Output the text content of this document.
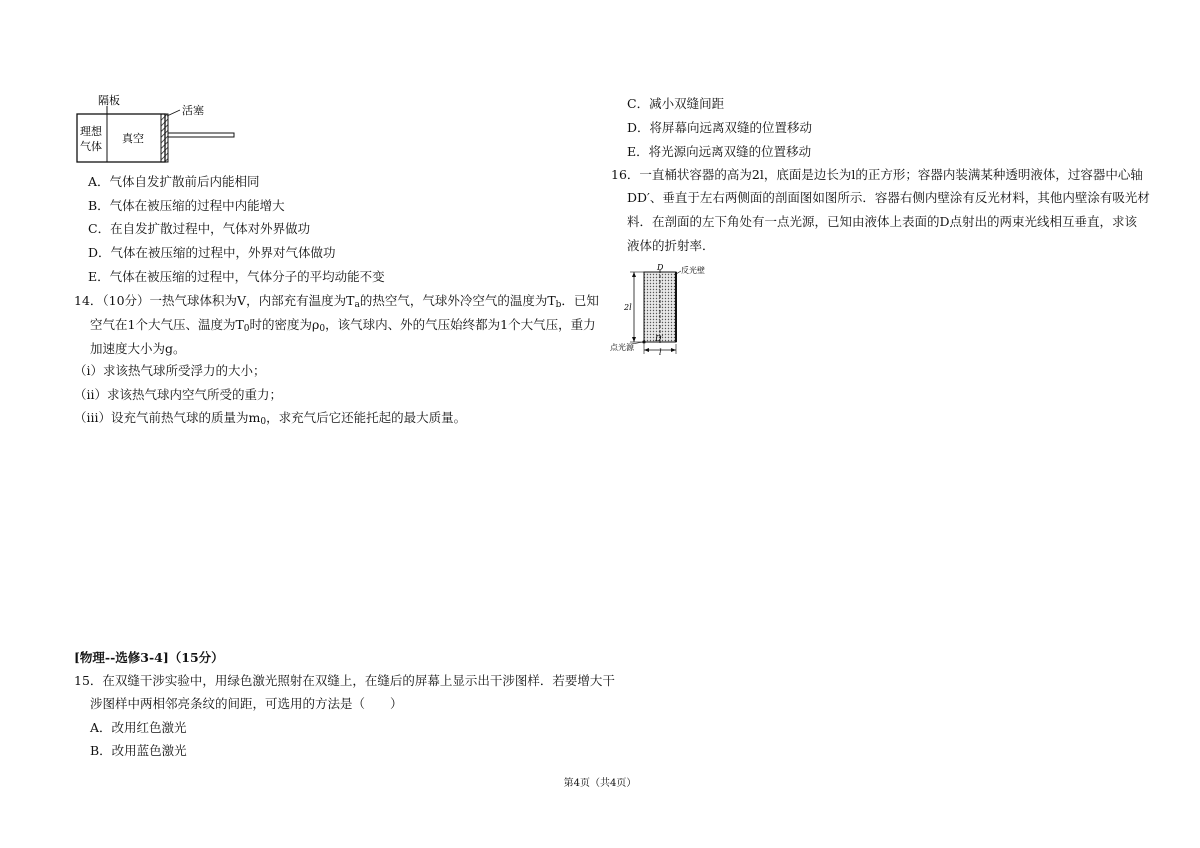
隔板
活塞
理想
气体
真空
A．气体自发扩散前后内能相同
B．气体在被压缩的过程中内能增大
C．在自发扩散过程中，气体对外界做功
D．气体在被压缩的过程中，外界对气体做功
E．气体在被压缩的过程中，气体分子的平均动能不变
14．（10分）一热气球体积为V，内部充有温度为$T_a$的热空气，气球外冷空气的温度为$T_b$．已知
空气在1个大气压、温度为$T_0$时的密度为$\rho_0$，该气球内、外的气压始终都为1个大气压，重力
加速度大小为g。
（i）求该热气球所受浮力的大小；
（ii）求该热气球内空气所受的重力；
（iii）设充气前热气球的质量为$m_0$，求充气后它还能托起的最大质量。
[物理--选修3-4]（15分）
15．在双缝干涉实验中，用绿色激光照射在双缝上，在缝后的屏幕上显示出干涉图样．若要增大干
涉图样中两相邻亮条纹的间距，可选用的方法是（　　）
A．改用红色激光
B．改用蓝色激光
C．减小双缝间距
D．将屏幕向远离双缝的位置移动
E．将光源向远离双缝的位置移动
16．一直桶状容器的高为2l，底面是边长为l的正方形；容器内装满某种透明液体，过容器中心轴
DD′、垂直于左右两侧面的剖面图如图所示．容器右侧内壁涂有反光材料，其他内壁涂有吸光材
料．在剖面的左下角处有一点光源，已知由液体上表面的D点射出的两束光线相互垂直，求该
液体的折射率．
D
D′
反光壁
2l
l
点光源
第4页（共4页）
